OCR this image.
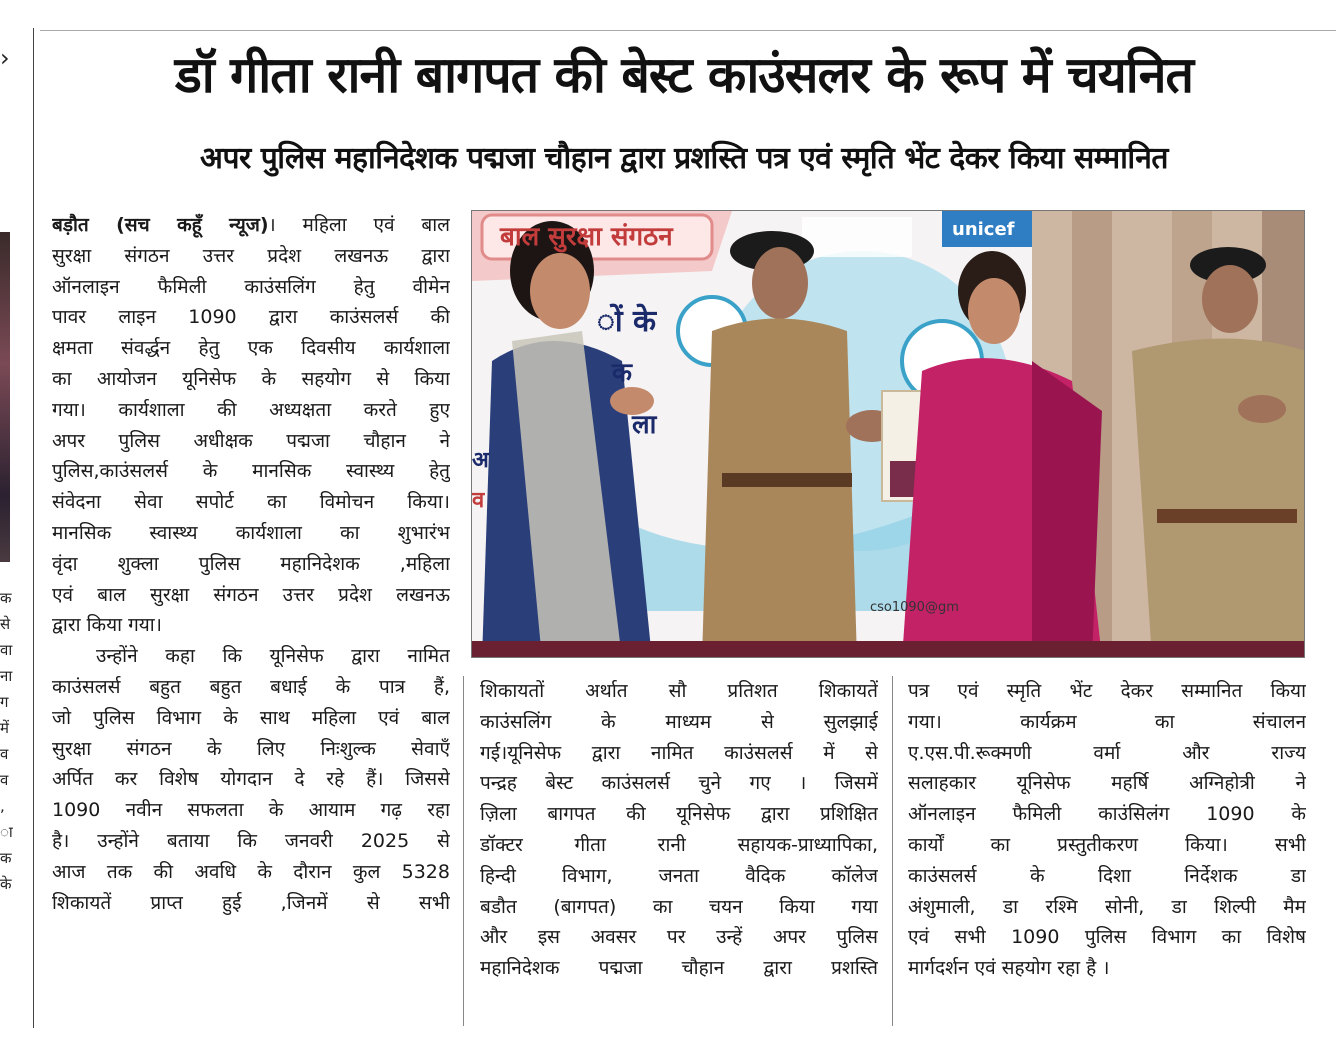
›
क
से
वा
ना
ग
में
व
व
,
ा
क
के
डॉ गीता रानी बागपत की बेस्ट काउंसलर के रूप में चयनित
अपर पुलिस महानिदेशक पद्मजा चौहान द्वारा प्रशस्ति पत्र एवं स्मृति भेंट देकर किया सम्मानित
बड़ौत (सच कहूँ न्यूज)। महिला एवं बाल
सुरक्षा संगठन उत्तर प्रदेश लखनऊ द्वारा
ऑनलाइन फैमिली काउंसलिंग हेतु वीमेन
पावर लाइन 1090 द्वारा काउंसलर्स की
क्षमता संवर्द्धन हेतु एक दिवसीय कार्यशाला
का आयोजन यूनिसेफ के सहयोग से किया
गया। कार्यशाला की अध्यक्षता करते हुए
अपर पुलिस अधीक्षक पद्मजा चौहान ने
पुलिस,काउंसलर्स के मानसिक स्वास्थ्य हेतु
संवेदना सेवा सपोर्ट का विमोचन किया।
मानसिक स्वास्थ्य कार्यशाला का शुभारंभ
वृंदा शुक्ला पुलिस महानिदेशक ,महिला
एवं बाल सुरक्षा संगठन उत्तर प्रदेश लखनऊ
द्वारा किया गया।
उन्होंने कहा कि यूनिसेफ द्वारा नामित
काउंसलर्स बहुत बहुत बधाई के पात्र हैं,
जो पुलिस विभाग के साथ महिला एवं बाल
सुरक्षा संगठन के लिए निःशुल्क सेवाएँ
अर्पित कर विशेष योगदान दे रहे हैं। जिससे
1090 नवीन सफलता के आयाम गढ़ रहा
है। उन्होंने बताया कि जनवरी 2025 से
आज तक की अवधि के दौरान कुल 5328
शिकायतें प्राप्त हुई ,जिनमें से सभी
बाल सुरक्षा संगठन	unicef
ों के
क
ला
अ
व
cso1090@gm
शिकायतों अर्थात सौ प्रतिशत शिकायतें
काउंसलिंग के माध्यम से सुलझाई
गई।यूनिसेफ द्वारा नामित काउंसलर्स में से
पन्द्रह बेस्ट काउंसलर्स चुने गए । जिसमें
ज़िला बागपत की यूनिसेफ द्वारा प्रशिक्षित
डॉक्टर गीता रानी सहायक-प्राध्यापिका,
हिन्दी विभाग, जनता वैदिक कॉलेज
बडौत (बागपत) का चयन किया गया
और इस अवसर पर उन्हें अपर पुलिस
महानिदेशक पद्मजा चौहान द्वारा प्रशस्ति
पत्र एवं स्मृति भेंट देकर सम्मानित किया
गया। कार्यक्रम का संचालन
ए.एस.पी.रूक्मणी वर्मा और राज्य
सलाहकार यूनिसेफ महर्षि अग्निहोत्री ने
ऑनलाइन फैमिली काउंसिलंग 1090 के
कार्यों का प्रस्तुतीकरण किया। सभी
काउंसलर्स के दिशा निर्देशक डा
अंशुमाली, डा रश्मि सोनी, डा शिल्पी मैम
एवं सभी 1090 पुलिस विभाग का विशेष
मार्गदर्शन एवं सहयोग रहा है ।
